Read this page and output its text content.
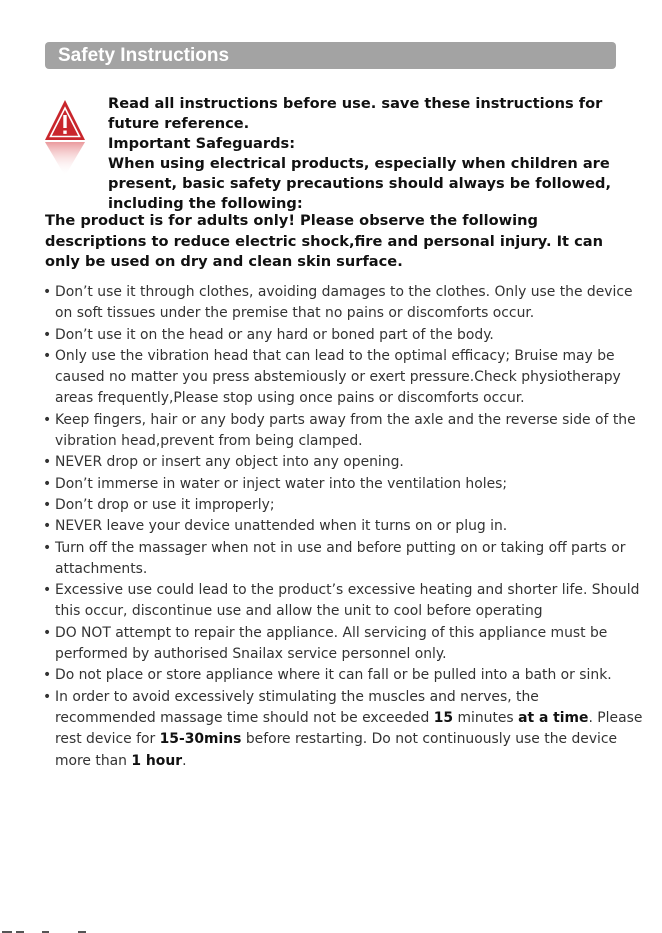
Safety Instructions

Read all instructions before use. save these instructions for future reference.

Important Safeguards:

When using electrical products, especially when children are present, basic safety precautions should always be followed, including the following:

The product is for adults only! Please observe the following descriptions to reduce electric shock,fire and personal injury. It can only be used on dry and clean skin surface.

• Don’t use it through clothes, avoiding damages to the clothes. Only use the device on soft tissues under the premise that no pains or discomforts occur.
• Don’t use it on the head or any hard or boned part of the body.
• Only use the vibration head that can lead to the optimal efficacy; Bruise may be caused no matter you press abstemiously or exert pressure.Check physiotherapy areas frequently,Please stop using once pains or discomforts occur.
• Keep fingers, hair or any body parts away from the axle and the reverse side of the vibration head,prevent from being clamped.
• NEVER drop or insert any object into any opening.
• Don’t immerse in water or inject water into the ventilation holes;
• Don’t drop or use it improperly;
• NEVER leave your device unattended when it turns on or plug in.
• Turn off the massager when not in use and before putting on or taking off parts or attachments.
• Excessive use could lead to the product’s excessive heating and shorter life. Should this occur, discontinue use and allow the unit to cool before operating
• DO NOT attempt to repair the appliance. All servicing of this appliance must be performed by authorised Snailax service personnel only.
• Do not place or store appliance where it can fall or be pulled into a bath or sink.
• In order to avoid excessively stimulating the muscles and nerves, the recommended massage time should not be exceeded 15 minutes at a time. Please rest device for 15-30mins before restarting. Do not continuously use the device more than 1 hour.
